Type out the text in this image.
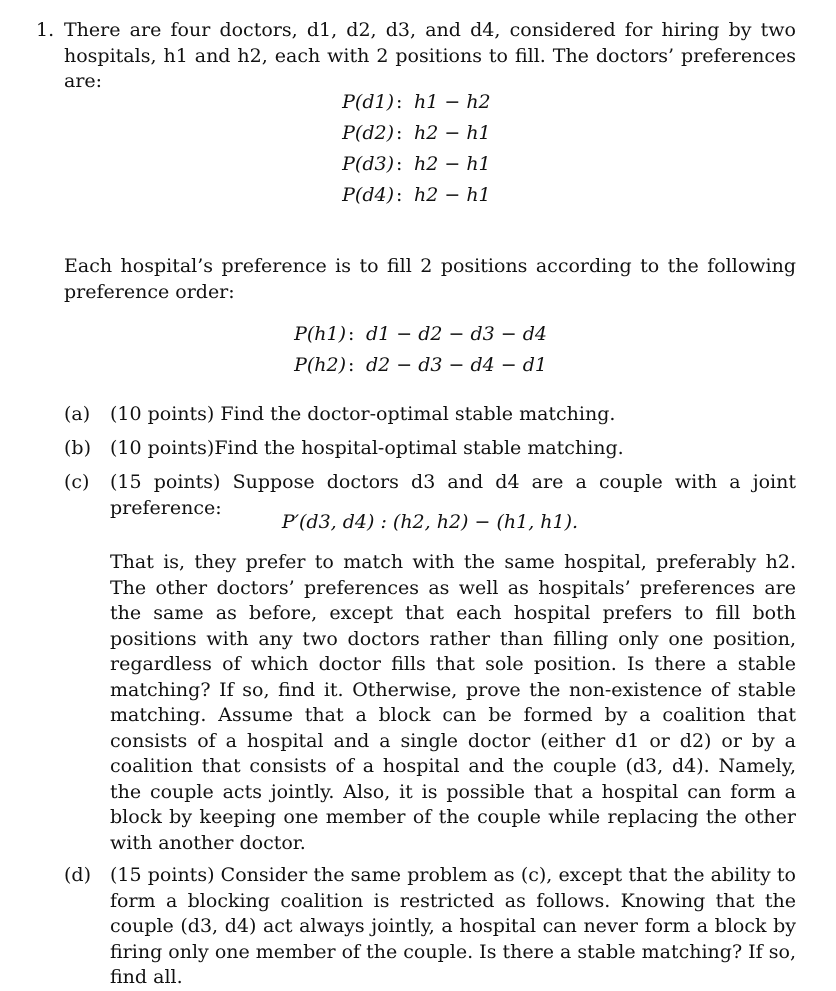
1. There are four doctors, d1, d2, d3, and d4, considered for hiring by two hospitals, h1 and h2, each with 2 positions to fill. The doctors’ preferences are:
P(d1) : h1 − h2
P(d2) : h2 − h1
P(d3) : h2 − h1
P(d4) : h2 − h1
Each hospital’s preference is to fill 2 positions according to the following preference order:
P(h1) : d1 − d2 − d3 − d4
P(h2) : d2 − d3 − d4 − d1
(a) (10 points) Find the doctor-optimal stable matching.
(b) (10 points)Find the hospital-optimal stable matching.
(c) (15 points) Suppose doctors d3 and d4 are a couple with a joint preference:
P′(d3, d4) : (h2, h2) − (h1, h1).
That is, they prefer to match with the same hospital, preferably h2. The other doctors’ preferences as well as hospitals’ preferences are the same as before, except that each hospital prefers to fill both positions with any two doctors rather than filling only one position, regardless of which doctor fills that sole position. Is there a stable matching? If so, find it. Otherwise, prove the non-existence of stable matching. Assume that a block can be formed by a coalition that consists of a hospital and a single doctor (either d1 or d2) or by a coalition that consists of a hospital and the couple (d3, d4). Namely, the couple acts jointly. Also, it is possible that a hospital can form a block by keeping one member of the couple while replacing the other with another doctor.
(d) (15 points) Consider the same problem as (c), except that the ability to form a blocking coalition is restricted as follows. Knowing that the couple (d3, d4) act always jointly, a hospital can never form a block by firing only one member of the couple. Is there a stable matching? If so, find all.
